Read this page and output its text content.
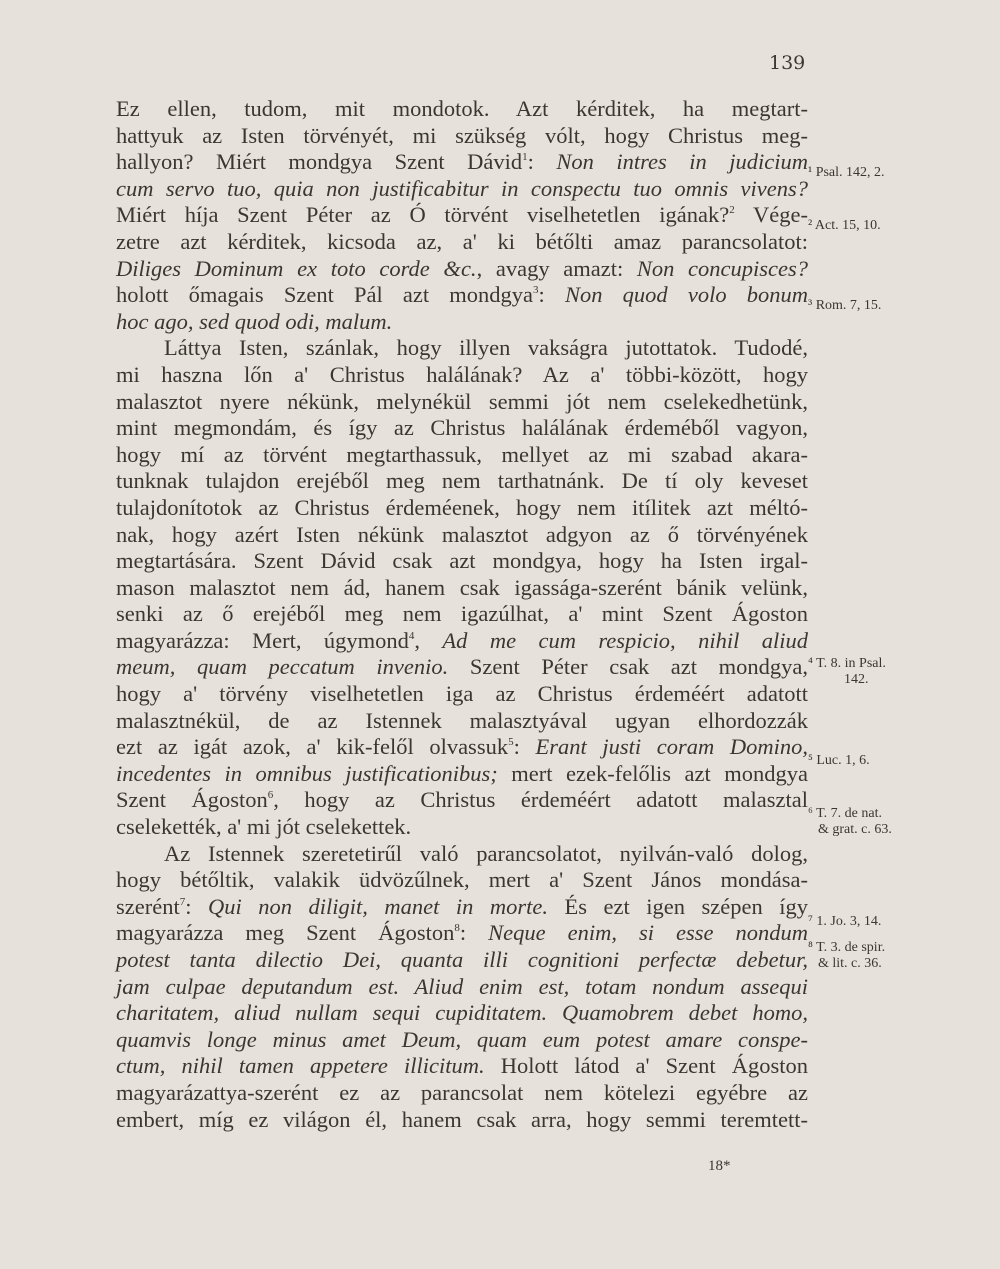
139
Ez ellen, tudom, mit mondotok. Azt kérditek, ha megtart-
hattyuk az Isten törvényét, mi szükség vólt, hogy Christus meg-
hallyon? Miért mondgya Szent Dávid$^1$: Non intres in judicium
cum servo tuo, quia non justificabitur in conspectu tuo omnis vivens?
Miért híja Szent Péter az Ó törvént viselhetetlen igának?$^2$ Vége-
zetre azt kérditek, kicsoda az, a' ki bétőlti amaz parancsolatot:
Diliges Dominum ex toto corde &c., avagy amazt: Non concupisces?
holott őmagais Szent Pál azt mondgya$^3$: Non quod volo bonum
hoc ago, sed quod odi, malum.
Láttya Isten, szánlak, hogy illyen vakságra jutottatok. Tudodé,
mi haszna lőn a' Christus halálának? Az a' többi-között, hogy
malasztot nyere nékünk, melynékül semmi jót nem cselekedhetünk,
mint megmondám, és így az Christus halálának érdeméből vagyon,
hogy mí az törvént megtarthassuk, mellyet az mi szabad akara-
tunknak tulajdon erejéből meg nem tarthatnánk. De tí oly keveset
tulajdonítotok az Christus érdeméenek, hogy nem itílitek azt méltó-
nak, hogy azért Isten nékünk malasztot adgyon az ő törvényének
megtartására. Szent Dávid csak azt mondgya, hogy ha Isten irgal-
mason malasztot nem ád, hanem csak igassága-szerént bánik velünk,
senki az ő erejéből meg nem igazúlhat, a' mint Szent Ágoston
magyarázza: Mert, úgymond$^4$, Ad me cum respicio, nihil aliud
meum, quam peccatum invenio. Szent Péter csak azt mondgya,
hogy a' törvény viselhetetlen iga az Christus érdeméért adatott
malasztnékül, de az Istennek malasztyával ugyan elhordozzák
ezt az igát azok, a' kik-felől olvassuk$^5$: Erant justi coram Domino,
incedentes in omnibus justificationibus; mert ezek-felőlis azt mondgya
Szent Ágoston$^6$, hogy az Christus érdeméért adatott malasztal
cselekették, a' mi jót cselekettek.
Az Istennek szeretetirűl való parancsolatot, nyilván-való dolog,
hogy bétőltik, valakik üdvözűlnek, mert a' Szent János mondása-
szerént$^7$: Qui non diligit, manet in morte. És ezt igen szépen így
magyarázza meg Szent Ágoston$^8$: Neque enim, si esse nondum
potest tanta dilectio Dei, quanta illi cognitioni perfectæ debetur,
jam culpae deputandum est. Aliud enim est, totam nondum assequi
charitatem, aliud nullam sequi cupiditatem. Quamobrem debet homo,
quamvis longe minus amet Deum, quam eum potest amare conspe-
ctum, nihil tamen appetere illicitum. Holott látod a' Szent Ágoston
magyarázattya-szerént ez az parancsolat nem kötelezi egyébre az
embert, míg ez világon él, hanem csak arra, hogy semmi teremtett-
¹ Psal. 142, 2.
² Act. 15, 10.
³ Rom. 7, 15.
⁴ T. 8. in Psal.
142.
⁵ Luc. 1, 6.
⁶ T. 7. de nat.
& grat. c. 63.
⁷ 1. Jo. 3, 14.
⁸ T. 3. de spir.
& lit. c. 36.
18*
